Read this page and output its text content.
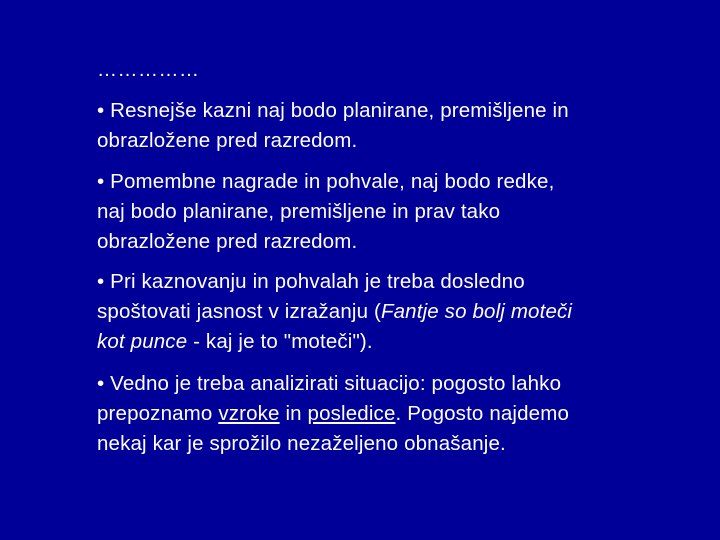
……………
• Resnejše kazni naj bodo planirane, premišljene in
obrazložene pred razredom.
• Pomembne nagrade in pohvale, naj bodo redke,
naj bodo planirane, premišljene in prav tako
obrazložene pred razredom.
• Pri kaznovanju in pohvalah je treba dosledno
spoštovati jasnost v izražanju (Fantje so bolj moteči
kot punce - kaj je to "moteči").
• Vedno je treba analizirati situacijo: pogosto lahko
prepoznamo vzroke in posledice. Pogosto najdemo
nekaj kar je sprožilo nezaželjeno obnašanje.
